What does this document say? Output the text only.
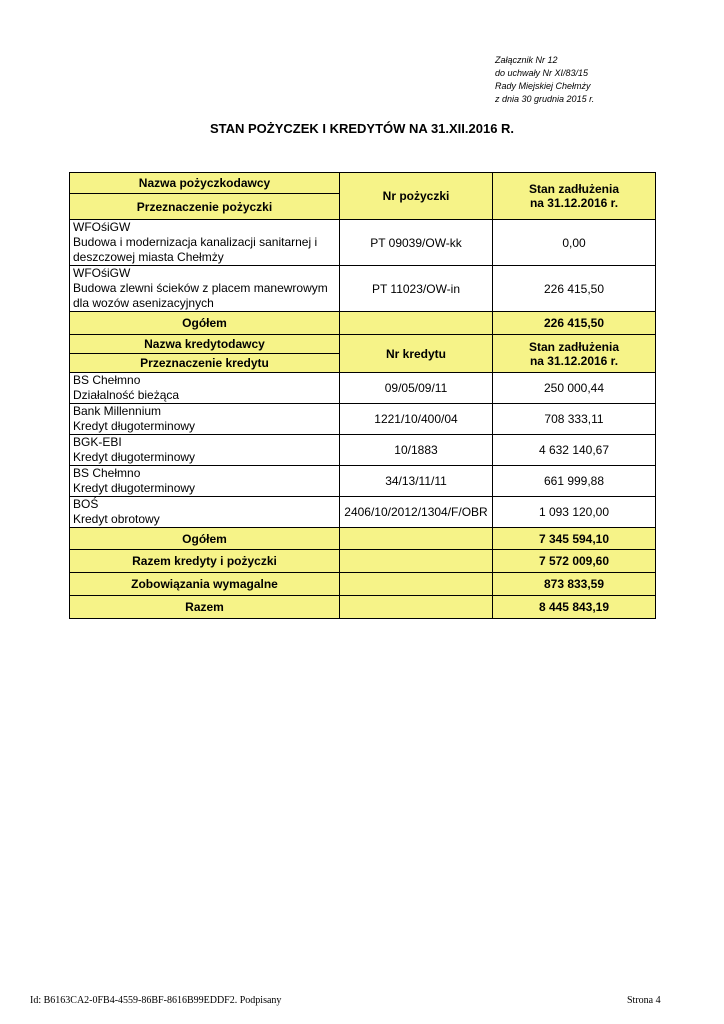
Załącznik Nr 12
do uchwały Nr XI/83/15
Rady Miejskiej Chełmży
z dnia 30 grudnia 2015 r.
STAN POŻYCZEK I KREDYTÓW NA 31.XII.2016 R.
Nazwa pożyczkodawcy	Nr pożyczki	Stan zadłużenia
na 31.12.2016 r.

Przeznaczenie pożyczki		

WFOśiGW
Budowa i modernizacja kanalizacji sanitarnej i
deszczowej miasta Chełmży	PT 09039/OW-kk	0,00

WFOśiGW
Budowa zlewni ścieków z placem manewrowym
dla wozów asenizacyjnych	PT 11023/OW-in	226 415,50
Ogółem		226 415,50
Nazwa kredytodawcy	Nr kredytu	Stan zadłużenia
na 31.12.2016 r.

Przeznaczenie kredytu		

BS Chełmno
Działalność bieżąca	09/05/09/11	250 000,44

Bank Millennium
Kredyt długoterminowy	1221/10/400/04	708 333,11

BGK-EBI
Kredyt długoterminowy	10/1883	4 632 140,67

BS Chełmno
Kredyt długoterminowy	34/13/11/11	661 999,88

BOŚ
Kredyt obrotowy	2406/10/2012/1304/F/OBR	1 093 120,00
Ogółem		7 345 594,10
Razem kredyty i pożyczki		7 572 009,60
Zobowiązania wymagalne		873 833,59
Razem		8 445 843,19
Id: B6163CA2-0FB4-4559-86BF-8616B99EDDF2. Podpisany	Strona 4
